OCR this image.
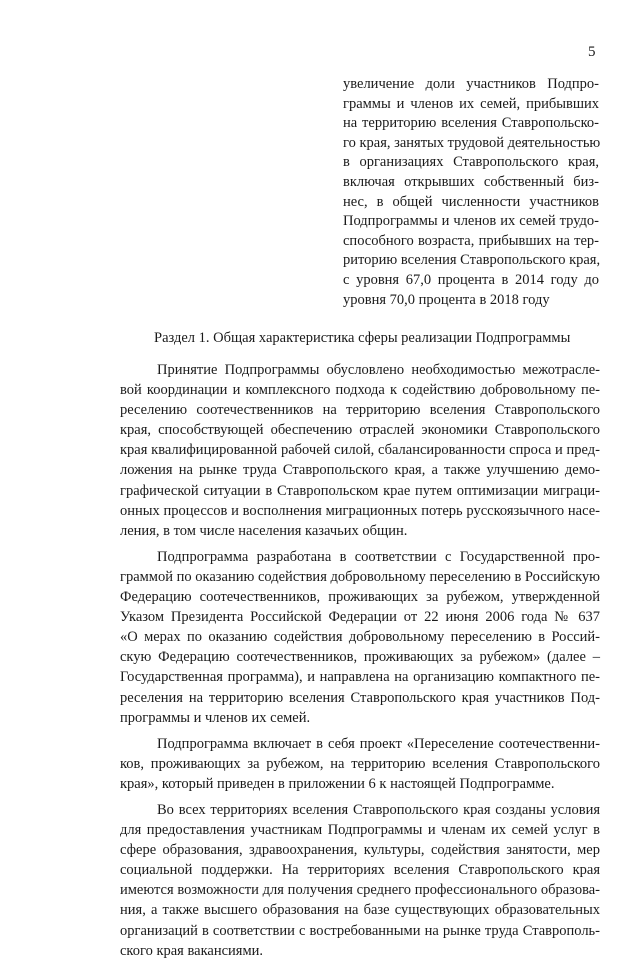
5
увеличение доли участников Подпро-
граммы и членов их семей, прибывших
на территорию вселения Ставропольско-
го края, занятых трудовой деятельностью
в организациях Ставропольского края,
включая открывших собственный биз-
нес, в общей численности участников
Подпрограммы и членов их семей трудо-
способного возраста, прибывших на тер-
риторию вселения Ставропольского края,
с уровня 67,0 процента в 2014 году до
уровня 70,0 процента в 2018 году
Раздел 1. Общая характеристика сферы реализации Подпрограммы
Принятие Подпрограммы обусловлено необходимостью межотрасле-
вой координации и комплексного подхода к содействию добровольному пе-
реселению соотечественников на территорию вселения Ставропольского
края, способствующей обеспечению отраслей экономики Ставропольского
края квалифицированной рабочей силой, сбалансированности спроса и пред-
ложения на рынке труда Ставропольского края, а также улучшению демо-
графической ситуации в Ставропольском крае путем оптимизации миграци-
онных процессов и восполнения миграционных потерь русскоязычного насе-
ления, в том числе населения казачьих общин.
Подпрограмма разработана в соответствии с Государственной про-
граммой по оказанию содействия добровольному переселению в Российскую
Федерацию соотечественников, проживающих за рубежом, утвержденной
Указом Президента Российской Федерации от 22 июня 2006 года № 637
«О мерах по оказанию содействия добровольному переселению в Россий-
скую Федерацию соотечественников, проживающих за рубежом» (далее –
Государственная программа), и направлена на организацию компактного пе-
реселения на территорию вселения Ставропольского края участников Под-
программы и членов их семей.
Подпрограмма включает в себя проект «Переселение соотечественни-
ков, проживающих за рубежом, на территорию вселения Ставропольского
края», который приведен в приложении 6 к настоящей Подпрограмме.
Во всех территориях вселения Ставропольского края созданы условия
для предоставления участникам Подпрограммы и членам их семей услуг в
сфере образования, здравоохранения, культуры, содействия занятости, мер
социальной поддержки. На территориях вселения Ставропольского края
имеются возможности для получения среднего профессионального образова-
ния, а также высшего образования на базе существующих образовательных
организаций в соответствии с востребованными на рынке труда Ставрополь-
ского края вакансиями.
